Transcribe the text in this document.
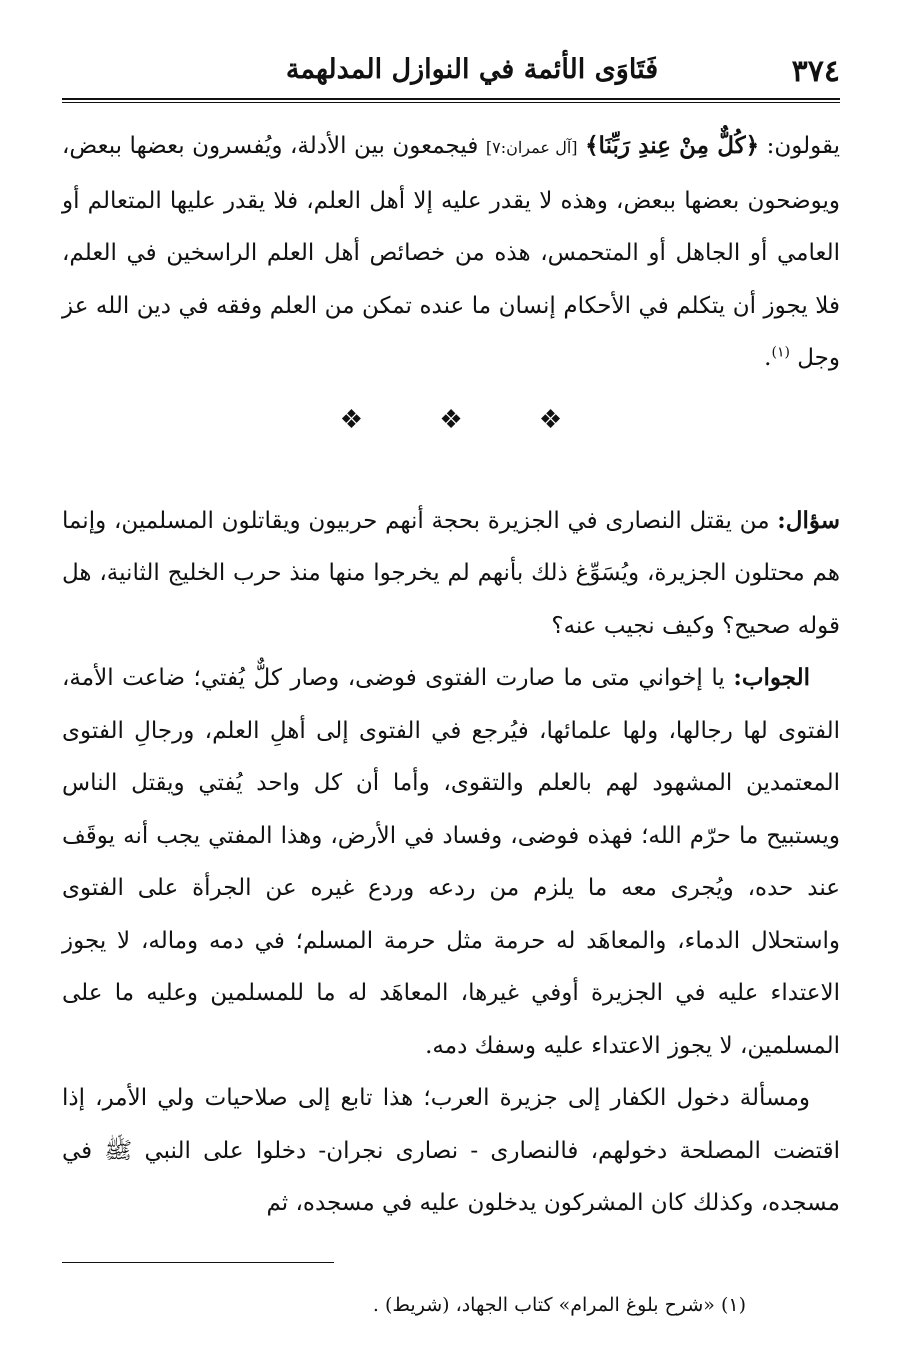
٣٧٤
فَتَاوَى الأئمة في النوازل المدلهمة

يقولون: ﴿كُلٌّ مِنْ عِندِ رَبِّنَا﴾ [آل عمران:٧] فيجمعون بين الأدلة، ويُفسرون بعضها ببعض، ويوضحون بعضها ببعض، وهذه لا يقدر عليه إلا أهل العلم، فلا يقدر عليها المتعالم أو العامي أو الجاهل أو المتحمس، هذه من خصائص أهل العلم الراسخين في العلم، فلا يجوز أن يتكلم في الأحكام إنسان ما عنده تمكن من العلم وفقه في دين الله عز وجل $^{(١)}$.

❖ ❖ ❖

سؤال: من يقتل النصارى في الجزيرة بحجة أنهم حربيون ويقاتلون المسلمين، وإنما هم محتلون الجزيرة، ويُسَوِّغ ذلك بأنهم لم يخرجوا منها منذ حرب الخليج الثانية، هل قوله صحيح؟ وكيف نجيب عنه؟

الجواب: يا إخواني متى ما صارت الفتوى فوضى، وصار كلٌّ يُفتي؛ ضاعت الأمة، الفتوى لها رجالها، ولها علمائها، فيُرجع في الفتوى إلى أهلِ العلم، ورجالِ الفتوى المعتمدين المشهود لهم بالعلم والتقوى، وأما أن كل واحد يُفتي ويقتل الناس ويستبيح ما حرّم الله؛ فهذه فوضى، وفساد في الأرض، وهذا المفتي يجب أنه يوقَف عند حده، ويُجرى معه ما يلزم من ردعه وردع غيره عن الجرأة على الفتوى واستحلال الدماء، والمعاهَد له حرمة مثل حرمة المسلم؛ في دمه وماله، لا يجوز الاعتداء عليه في الجزيرة أوفي غيرها، المعاهَد له ما للمسلمين وعليه ما على المسلمين، لا يجوز الاعتداء عليه وسفك دمه.

ومسألة دخول الكفار إلى جزيرة العرب؛ هذا تابع إلى صلاحيات ولي الأمر، إذا اقتضت المصلحة دخولهم، فالنصارى - نصارى نجران- دخلوا على النبي ﷺ في مسجده، وكذلك كان المشركون يدخلون عليه في مسجده، ثم

(١) «شرح بلوغ المرام» كتاب الجهاد، (شريط) .
